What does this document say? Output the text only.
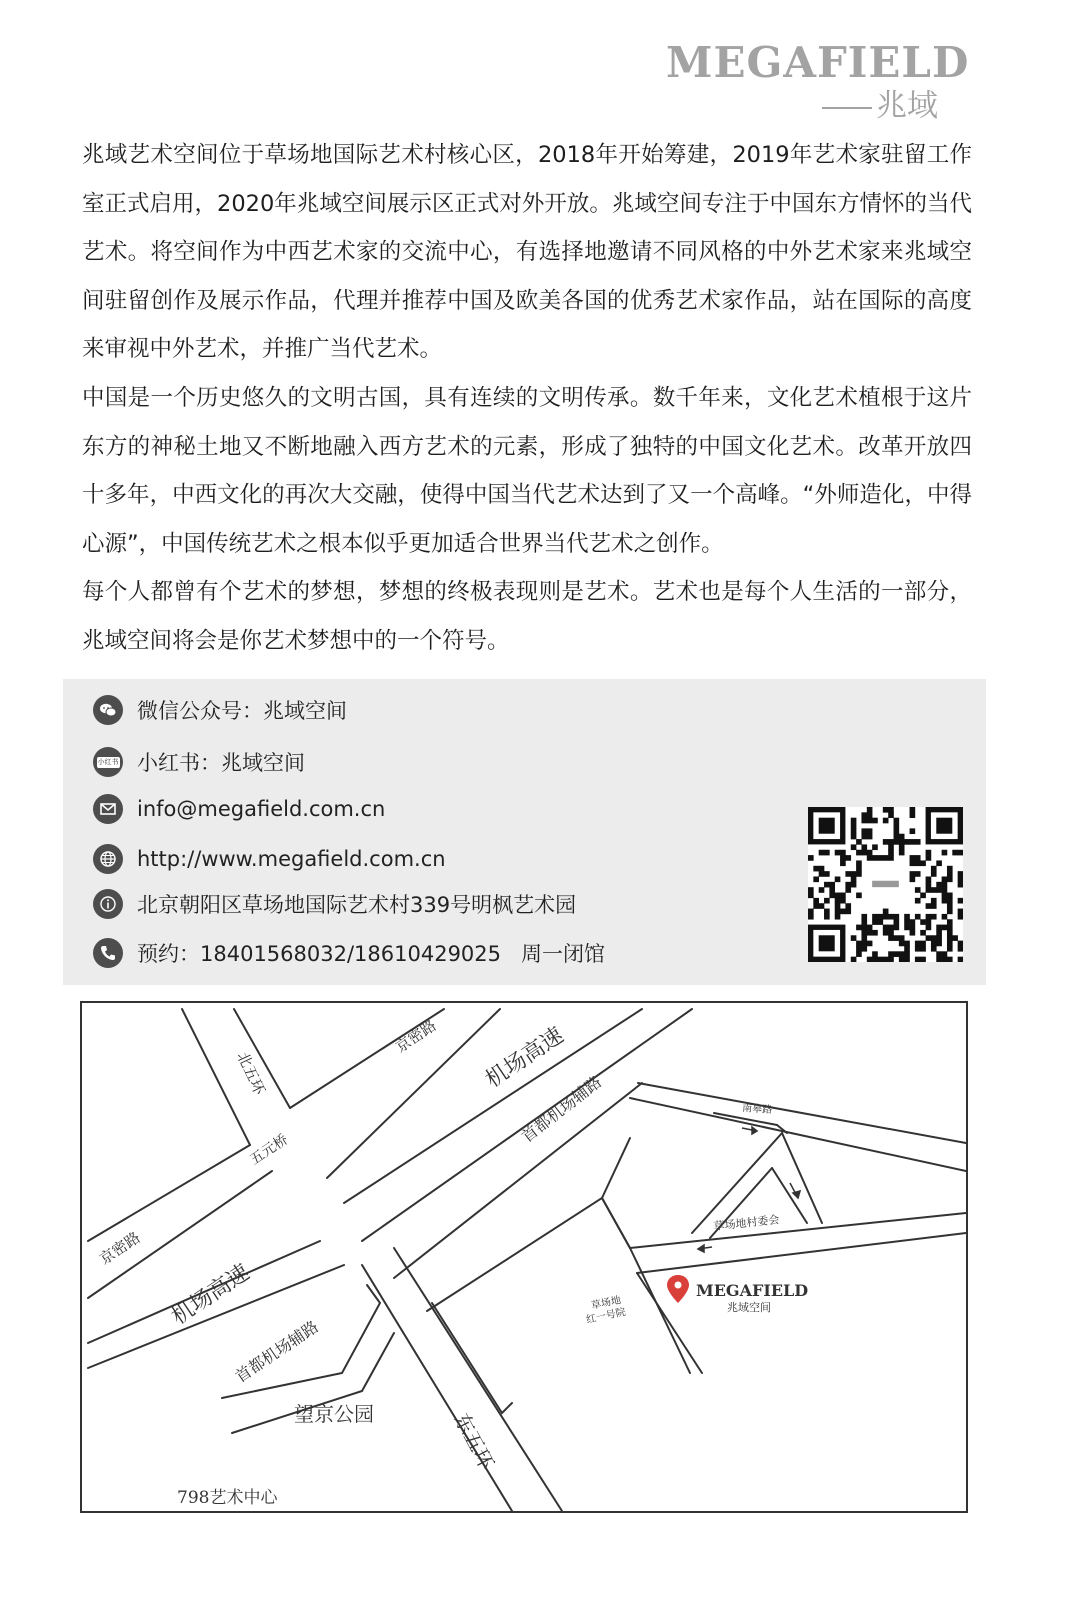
MEGAFIELD
兆域

兆域艺术空间位于草场地国际艺术村核心区，2018年开始筹建，2019年艺术家驻留工作室正式启用，2020年兆域空间展示区正式对外开放。兆域空间专注于中国东方情怀的当代艺术。将空间作为中西艺术家的交流中心，有选择地邀请不同风格的中外艺术家来兆域空间驻留创作及展示作品，代理并推荐中国及欧美各国的优秀艺术家作品，站在国际的高度来审视中外艺术，并推广当代艺术。

中国是一个历史悠久的文明古国，具有连续的文明传承。数千年来，文化艺术植根于这片东方的神秘土地又不断地融入西方艺术的元素，形成了独特的中国文化艺术。改革开放四十多年，中西文化的再次大交融，使得中国当代艺术达到了又一个高峰。“外师造化，中得心源”，中国传统艺术之根本似乎更加适合世界当代艺术之创作。

每个人都曾有个艺术的梦想，梦想的终极表现则是艺术。艺术也是每个人生活的一部分，兆域空间将会是你艺术梦想中的一个符号。

微信公众号：兆域空间
小红书 小红书：兆域空间
info@megafield.com.cn
http://www.megafield.com.cn
北京朝阳区草场地国际艺术村339号明枫艺术园
预约：18401568032/18610429025   周一闭馆
北五环
京密路 机场高速
首都机场辅路	南皋路
五元桥
京密路
机场高速
首都机场辅路
草场地村委会
草场地
红一号院
望京公园	东五环
798艺术中心
MEGAFIELD
兆域空间
